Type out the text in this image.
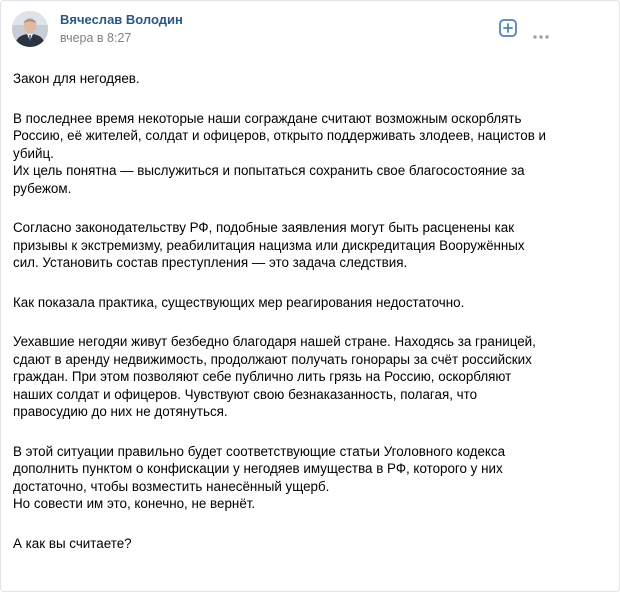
Вячеслав Володин
вчера в 8:27
Закон для негодяев.
В последнее время некоторые наши сограждане считают возможным оскорблять
Россию, её жителей, солдат и офицеров, открыто поддерживать злодеев, нацистов и
убийц.
Их цель понятна — выслужиться и попытаться сохранить свое благосостояние за
рубежом.
Согласно законодательству РФ, подобные заявления могут быть расценены как
призывы к экстремизму, реабилитация нацизма или дискредитация Вооружённых
сил. Установить состав преступления — это задача следствия.
Как показала практика, существующих мер реагирования недостаточно.
Уехавшие негодяи живут безбедно благодаря нашей стране. Находясь за границей,
сдают в аренду недвижимость, продолжают получать гонорары за счёт российских
граждан. При этом позволяют себе публично лить грязь на Россию, оскорбляют
наших солдат и офицеров. Чувствуют свою безнаказанность, полагая, что
правосудию до них не дотянуться.
В этой ситуации правильно будет соответствующие статьи Уголовного кодекса
дополнить пунктом о конфискации у негодяев имущества в РФ, которого у них
достаточно, чтобы возместить нанесённый ущерб.
Но совести им это, конечно, не вернёт.
А как вы считаете?
